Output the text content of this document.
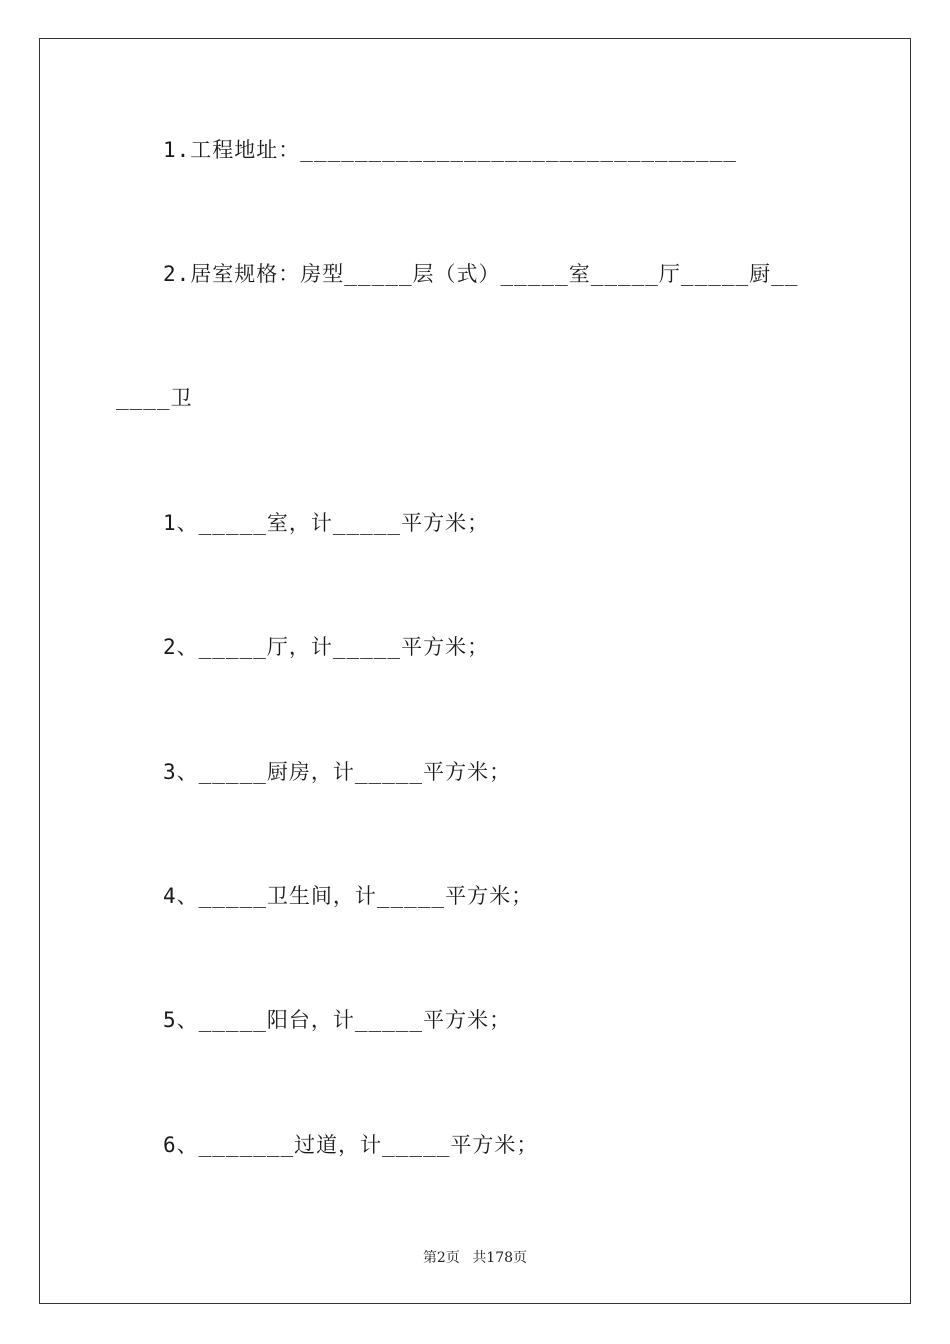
1.工程地址：________________________________
2.居室规格：房型_____层（式）_____室_____厅_____厨__
____卫
1、_____室，计_____平方米；
2、_____厅，计_____平方米；
3、_____厨房，计_____平方米；
4、_____卫生间，计_____平方米；
5、_____阳台，计_____平方米；
6、_______过道，计_____平方米；
第2页 共178页
